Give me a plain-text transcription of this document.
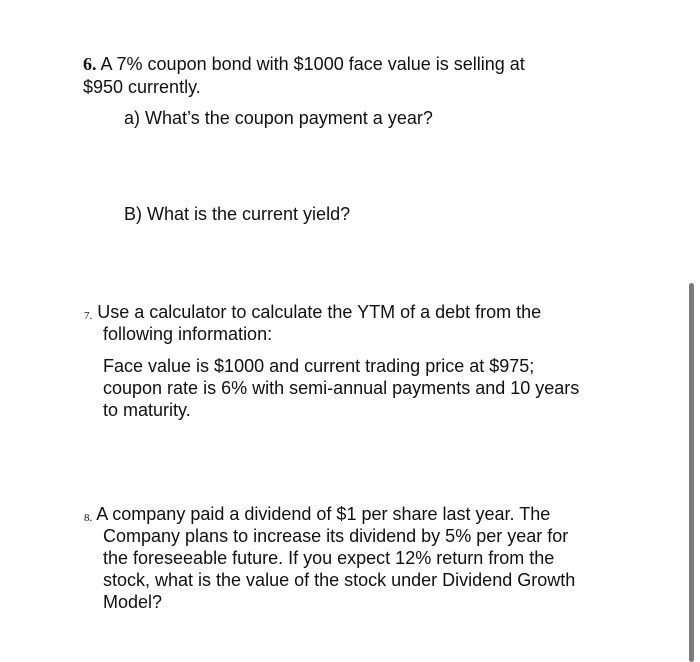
6. A 7% coupon bond with $1000 face value is selling at
$950 currently.
a) What’s the coupon payment a year?
B) What is the current yield?
7. Use a calculator to calculate the YTM of a debt from the
following information:
Face value is $1000 and current trading price at $975;
coupon rate is 6% with semi-annual payments and 10 years
to maturity.
8. A company paid a dividend of $1 per share last year. The
Company plans to increase its dividend by 5% per year for
the foreseeable future. If you expect 12% return from the
stock, what is the value of the stock under Dividend Growth
Model?
